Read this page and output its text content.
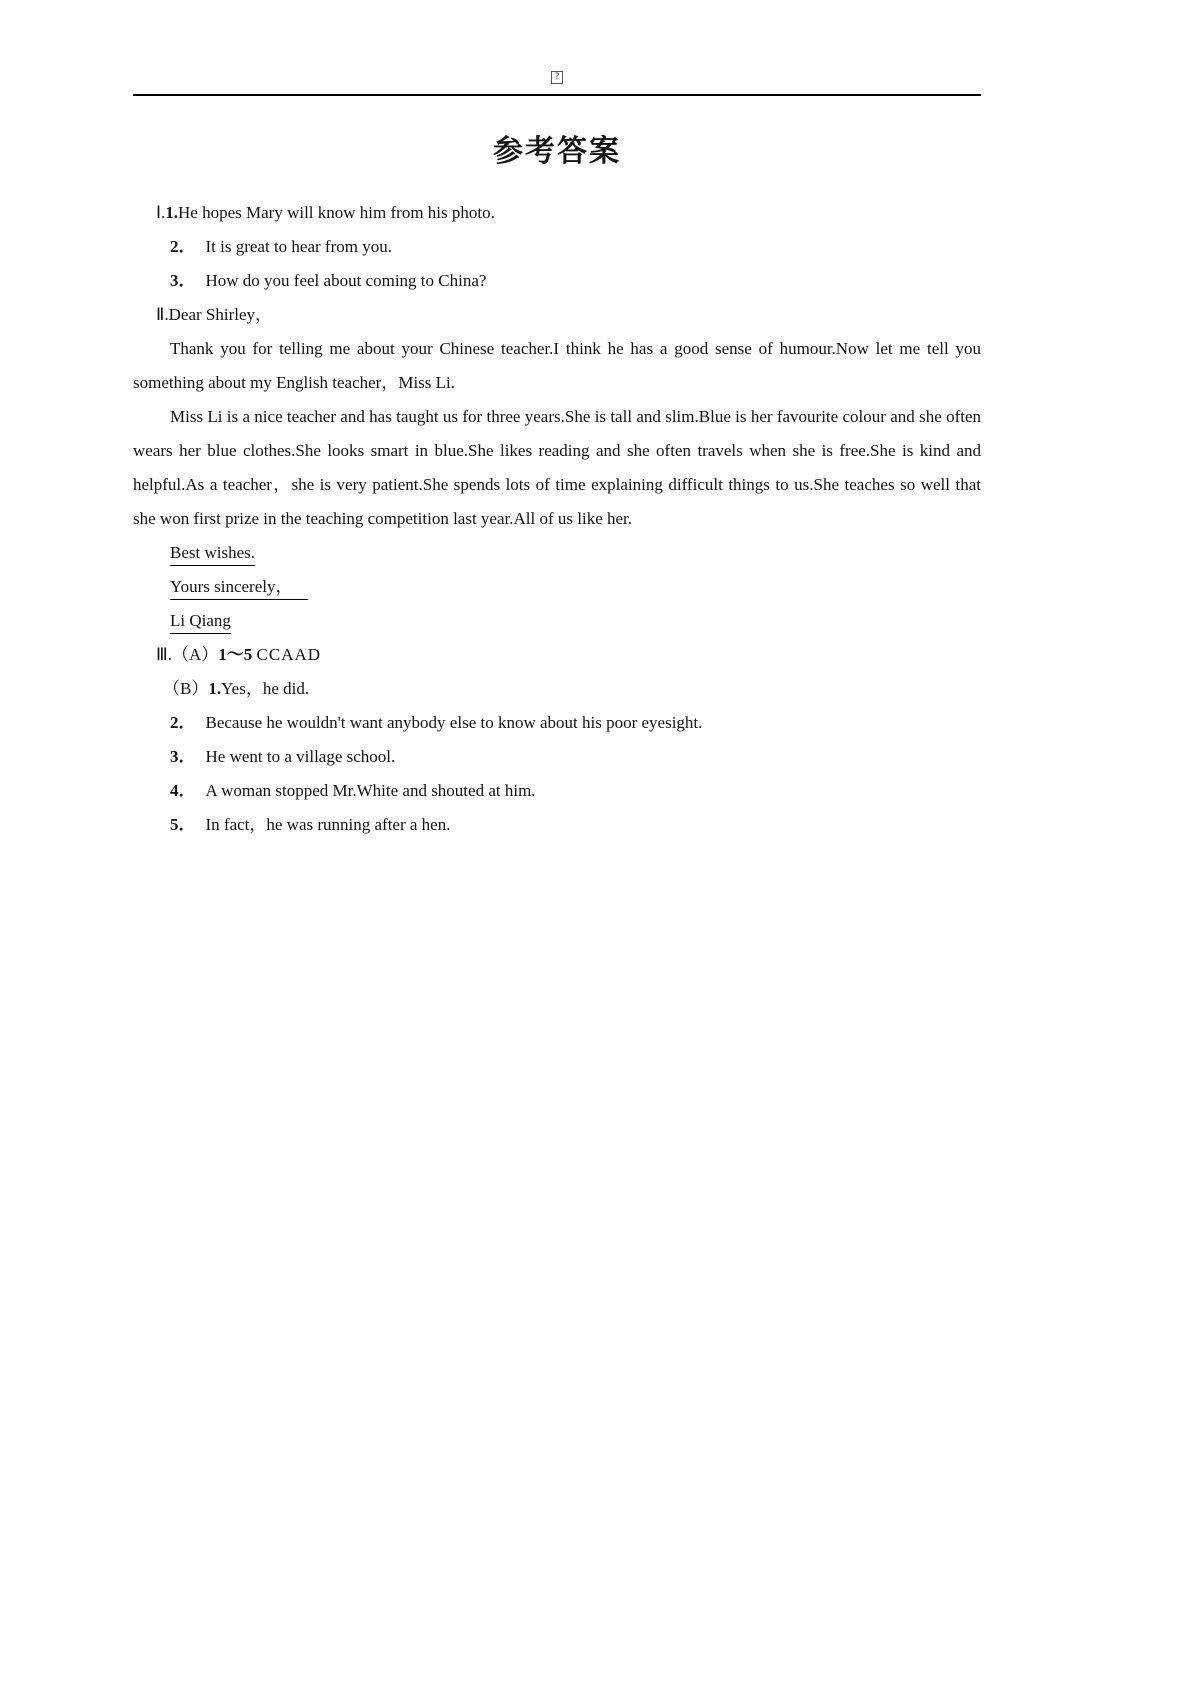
?
参考答案

Ⅰ.1.He hopes Mary will know him from his photo.

2． It is great to hear from you.

3． How do you feel about coming to China?

Ⅱ.Dear Shirley，

Thank you for telling me about your Chinese teacher.I think he has a good sense of humour.Now let me tell you something about my English teacher，Miss Li.

Miss Li is a nice teacher and has taught us for three years.She is tall and slim.Blue is her favourite colour and she often wears her blue clothes.She looks smart in blue.She likes reading and she often travels when she is free.She is kind and helpful.As a teacher，she is very patient.She spends lots of time explaining difficult things to us.She teaches so well that she won first prize in the teaching competition last year.All of us like her.

Best wishes.

Yours sincerely，

Li Qiang

Ⅲ.（A）1～5 CCAAD

（B）1.Yes，he did.

2． Because he wouldn't want anybody else to know about his poor eyesight.

3． He went to a village school.

4． A woman stopped Mr.White and shouted at him.

5． In fact，he was running after a hen.
